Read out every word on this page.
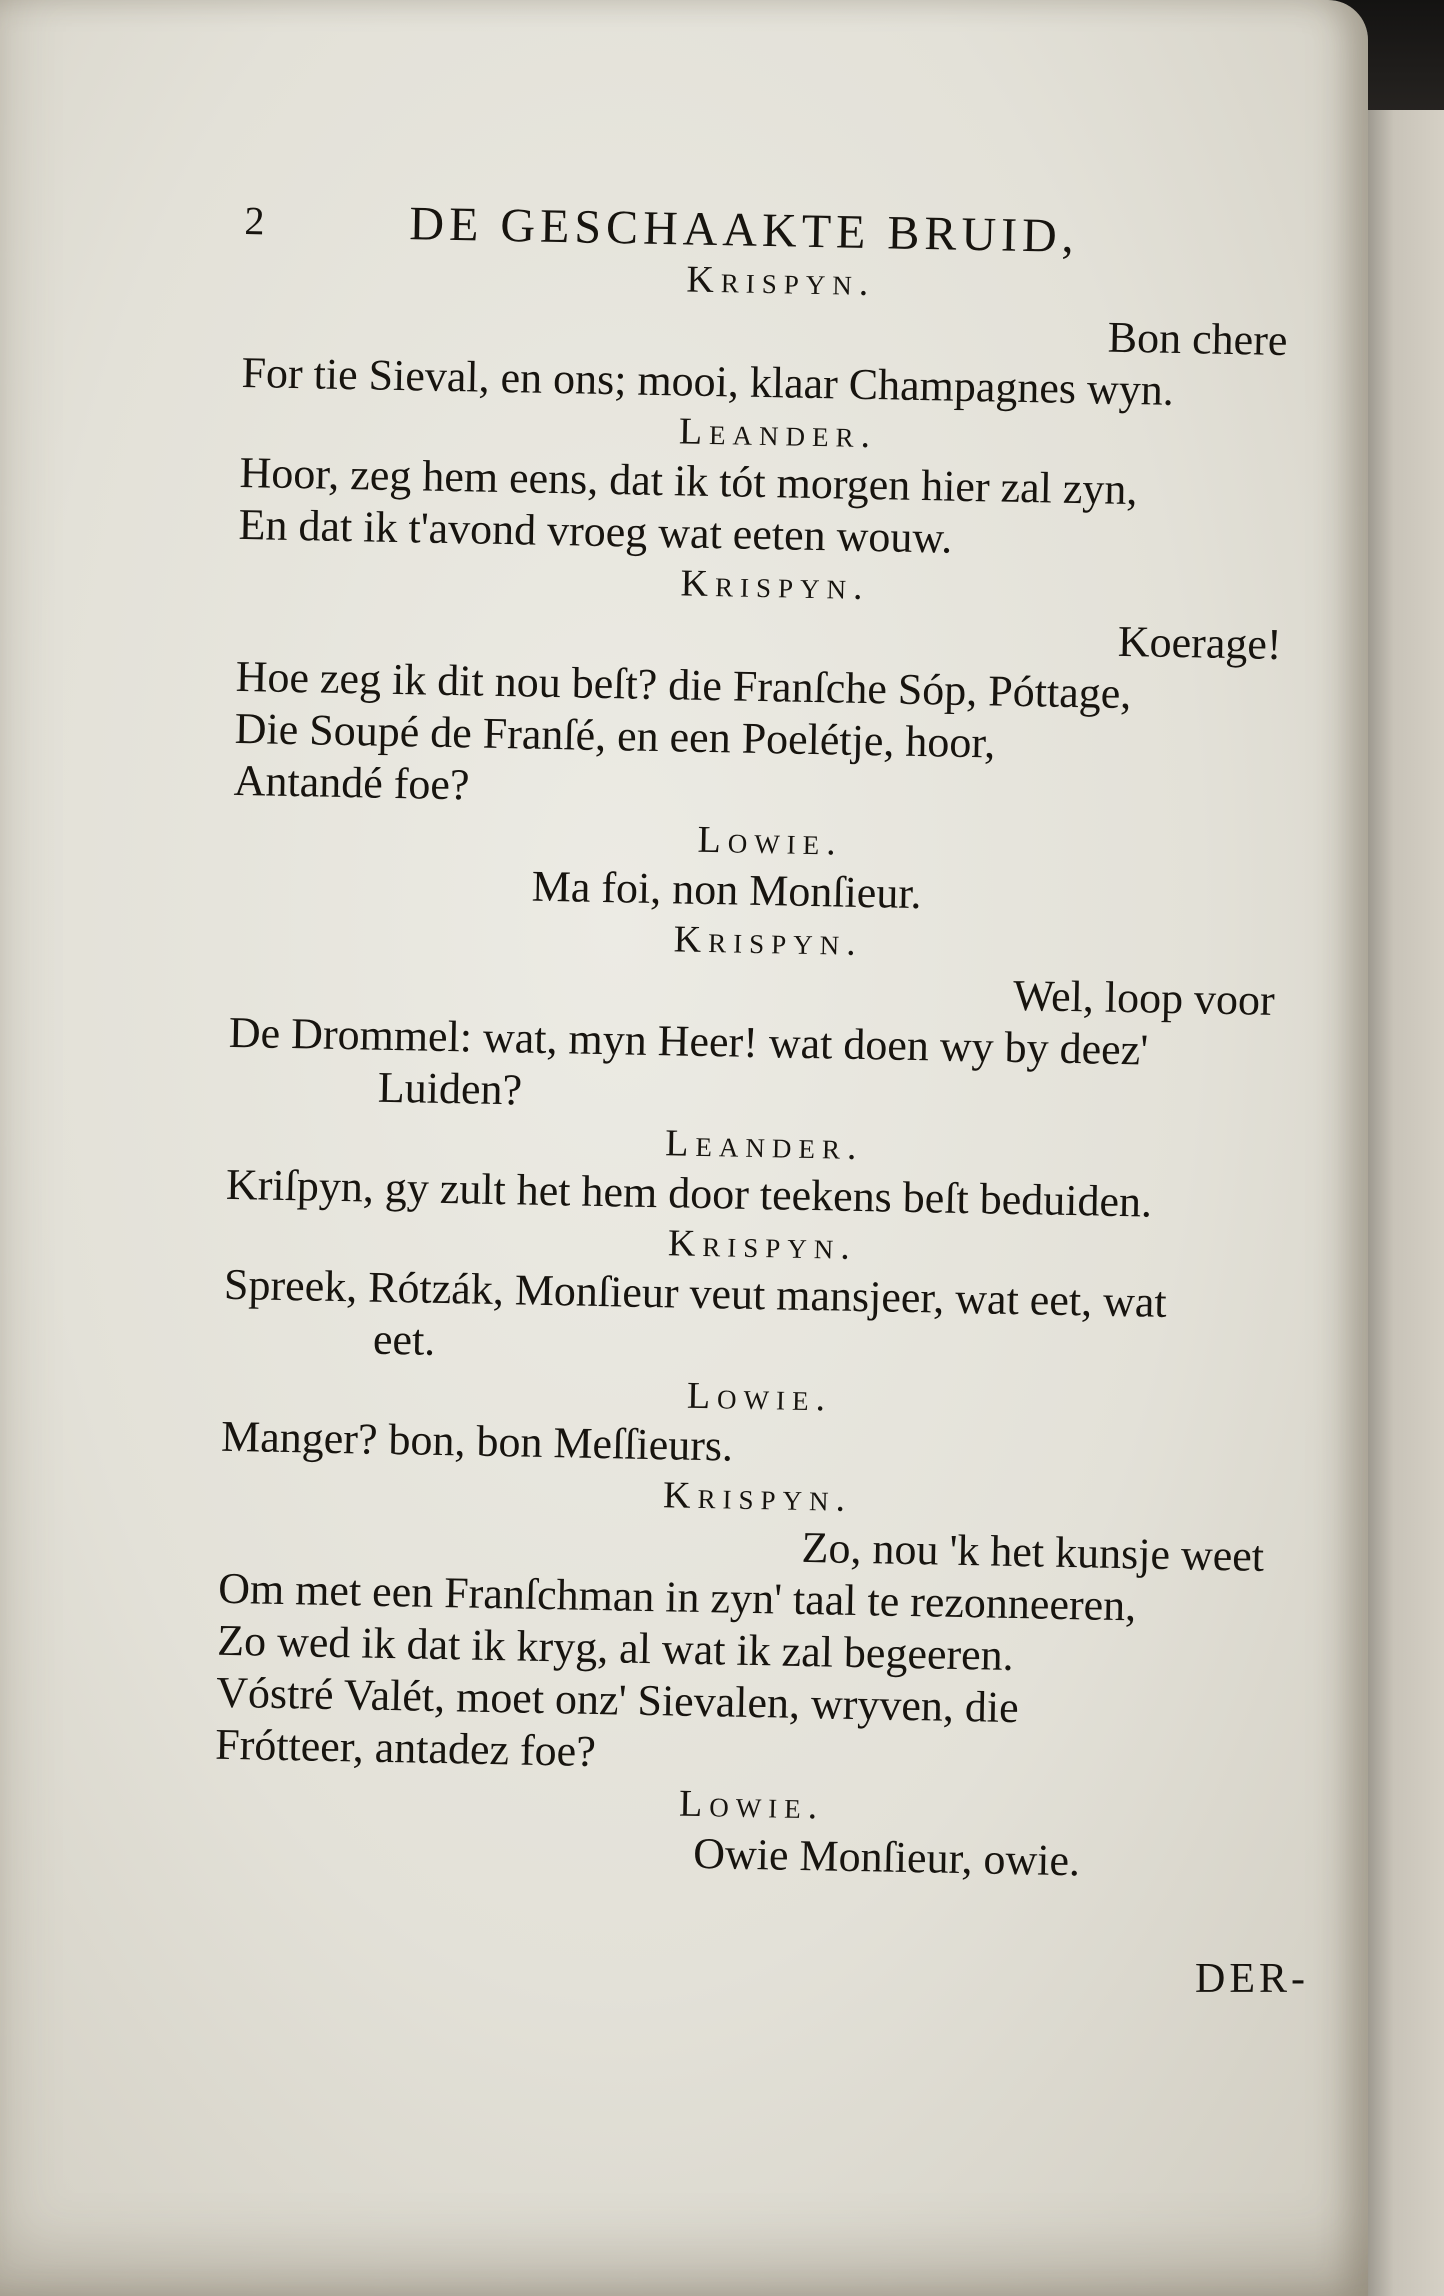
2	DE GESCHAAKTE BRUID,
Krispyn.
Bon chere
For tie Sieval, en ons; mooi, klaar Champagnes wyn.
Leander.
Hoor, zeg hem eens, dat ik tót morgen hier zal zyn,
En dat ik t'avond vroeg wat eeten wouw.
Krispyn.
Koerage!
Hoe zeg ik dit nou beſt? die Franſche Sóp, Póttage,
Die Soupé de Franſé, en een Poelétje, hoor,
Antandé foe?
Lowie.
Ma foi, non Monſieur.
Krispyn.
Wel, loop voor
De Drommel: wat, myn Heer! wat doen wy by deez'
Luiden?
Leander.
Kriſpyn, gy zult het hem door teekens beſt beduiden.
Krispyn.
Spreek, Rótzák, Monſieur veut mansjeer, wat eet, wat
eet.
Lowie.
Manger? bon, bon Meſſieurs.
Krispyn.
Zo, nou 'k het kunsje weet
Om met een Franſchman in zyn' taal te rezonneeren,
Zo wed ik dat ik kryg, al wat ik zal begeeren.
Vóstré Valét, moet onz' Sievalen, wryven, die
Frótteer, antadez foe?
Lowie.
Owie Monſieur, owie.
DER-
